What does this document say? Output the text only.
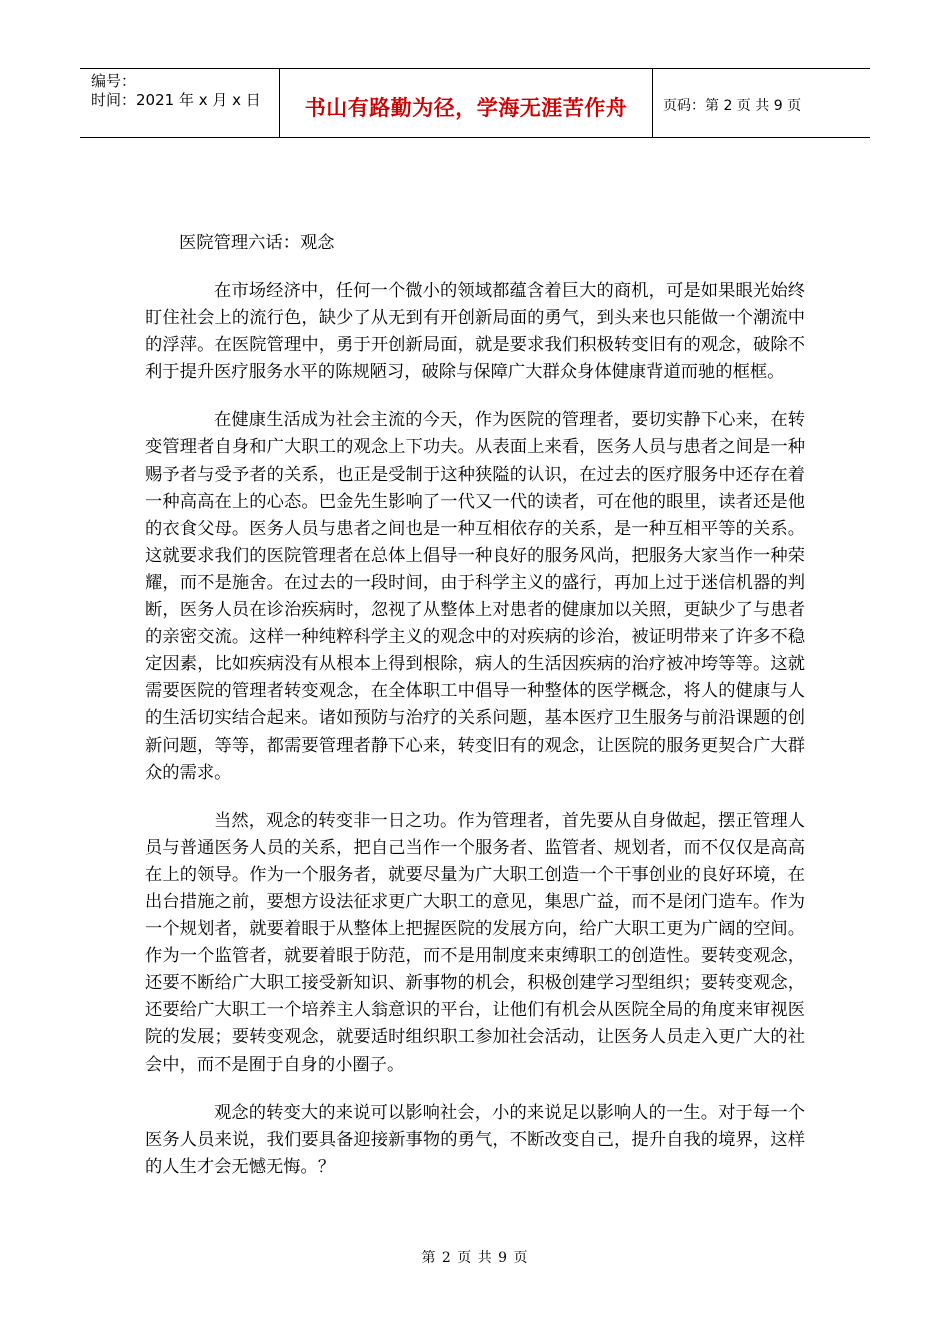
编号：
时间：2021 年 x 月 x 日	书山有路勤为径，学海无涯苦作舟	页码：第 2 页 共 9 页
医院管理六话：观念

在市场经济中，任何一个微小的领域都蕴含着巨大的商机，可是如果眼光始终盯住社会上的流行色，缺少了从无到有开创新局面的勇气，到头来也只能做一个潮流中的浮萍。在医院管理中，勇于开创新局面，就是要求我们积极转变旧有的观念，破除不利于提升医疗服务水平的陈规陋习，破除与保障广大群众身体健康背道而驰的框框。

在健康生活成为社会主流的今天，作为医院的管理者，要切实静下心来，在转变管理者自身和广大职工的观念上下功夫。从表面上来看，医务人员与患者之间是一种赐予者与受予者的关系，也正是受制于这种狭隘的认识，在过去的医疗服务中还存在着一种高高在上的心态。巴金先生影响了一代又一代的读者，可在他的眼里，读者还是他的衣食父母。医务人员与患者之间也是一种互相依存的关系，是一种互相平等的关系。这就要求我们的医院管理者在总体上倡导一种良好的服务风尚，把服务大家当作一种荣耀，而不是施舍。在过去的一段时间，由于科学主义的盛行，再加上过于迷信机器的判断，医务人员在诊治疾病时，忽视了从整体上对患者的健康加以关照，更缺少了与患者的亲密交流。这样一种纯粹科学主义的观念中的对疾病的诊治，被证明带来了许多不稳定因素，比如疾病没有从根本上得到根除，病人的生活因疾病的治疗被冲垮等等。这就需要医院的管理者转变观念，在全体职工中倡导一种整体的医学概念，将人的健康与人的生活切实结合起来。诸如预防与治疗的关系问题，基本医疗卫生服务与前沿课题的创新问题，等等，都需要管理者静下心来，转变旧有的观念，让医院的服务更契合广大群众的需求。

当然，观念的转变非一日之功。作为管理者，首先要从自身做起，摆正管理人员与普通医务人员的关系，把自己当作一个服务者、监管者、规划者，而不仅仅是高高在上的领导。作为一个服务者，就要尽量为广大职工创造一个干事创业的良好环境，在出台措施之前，要想方设法征求更广大职工的意见，集思广益，而不是闭门造车。作为一个规划者，就要着眼于从整体上把握医院的发展方向，给广大职工更为广阔的空间。作为一个监管者，就要着眼于防范，而不是用制度来束缚职工的创造性。要转变观念，还要不断给广大职工接受新知识、新事物的机会，积极创建学习型组织；要转变观念，还要给广大职工一个培养主人翁意识的平台，让他们有机会从医院全局的角度来审视医院的发展；要转变观念，就要适时组织职工参加社会活动，让医务人员走入更广大的社会中，而不是囿于自身的小圈子。

观念的转变大的来说可以影响社会，小的来说足以影响人的一生。对于每一个医务人员来说，我们要具备迎接新事物的勇气，不断改变自己，提升自我的境界，这样的人生才会无憾无悔。？

第 2 页 共 9 页
